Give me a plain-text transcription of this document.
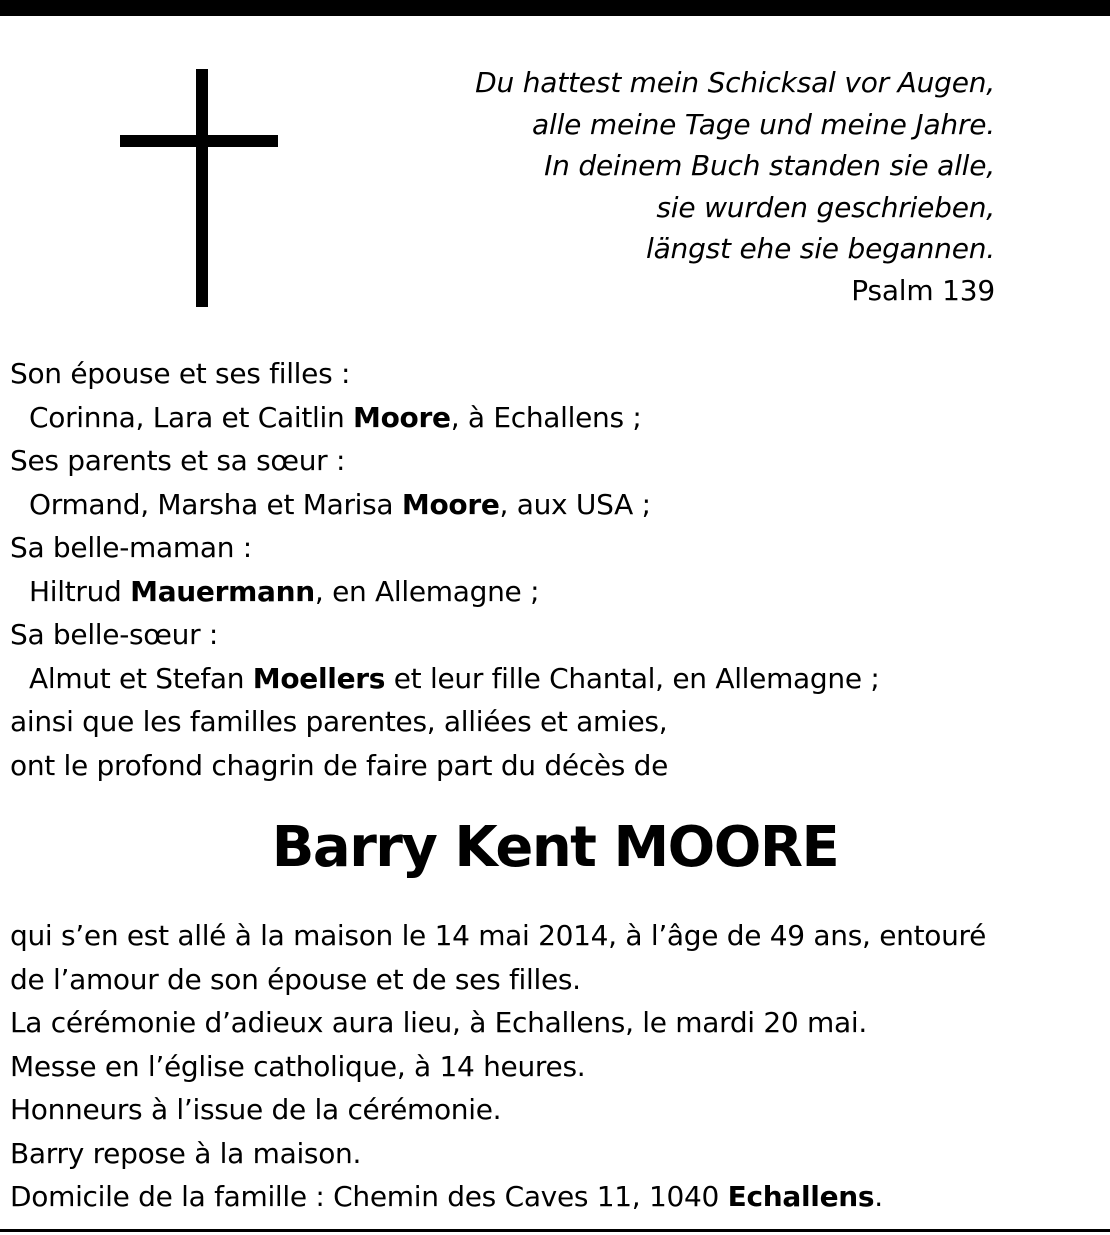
Du hattest mein Schicksal vor Augen,
alle meine Tage und meine Jahre.
In deinem Buch standen sie alle,
sie wurden geschrieben,
längst ehe sie begannen.
Psalm 139

Son épouse et ses filles :
Corinna, Lara et Caitlin Moore, à Echallens ;
Ses parents et sa sœur :
Ormand, Marsha et Marisa Moore, aux USA ;
Sa belle-maman :
Hiltrud Mauermann, en Allemagne ;
Sa belle-sœur :
Almut et Stefan Moellers et leur fille Chantal, en Allemagne ;
ainsi que les familles parentes, alliées et amies,
ont le profond chagrin de faire part du décès de
Barry Kent MOORE
qui s’en est allé à la maison le 14 mai 2014, à l’âge de 49 ans, entouré
de l’amour de son épouse et de ses filles.
La cérémonie d’adieux aura lieu, à Echallens, le mardi 20 mai.
Messe en l’église catholique, à 14 heures.
Honneurs à l’issue de la cérémonie.
Barry repose à la maison.
Domicile de la famille : Chemin des Caves 11, 1040 Echallens.
